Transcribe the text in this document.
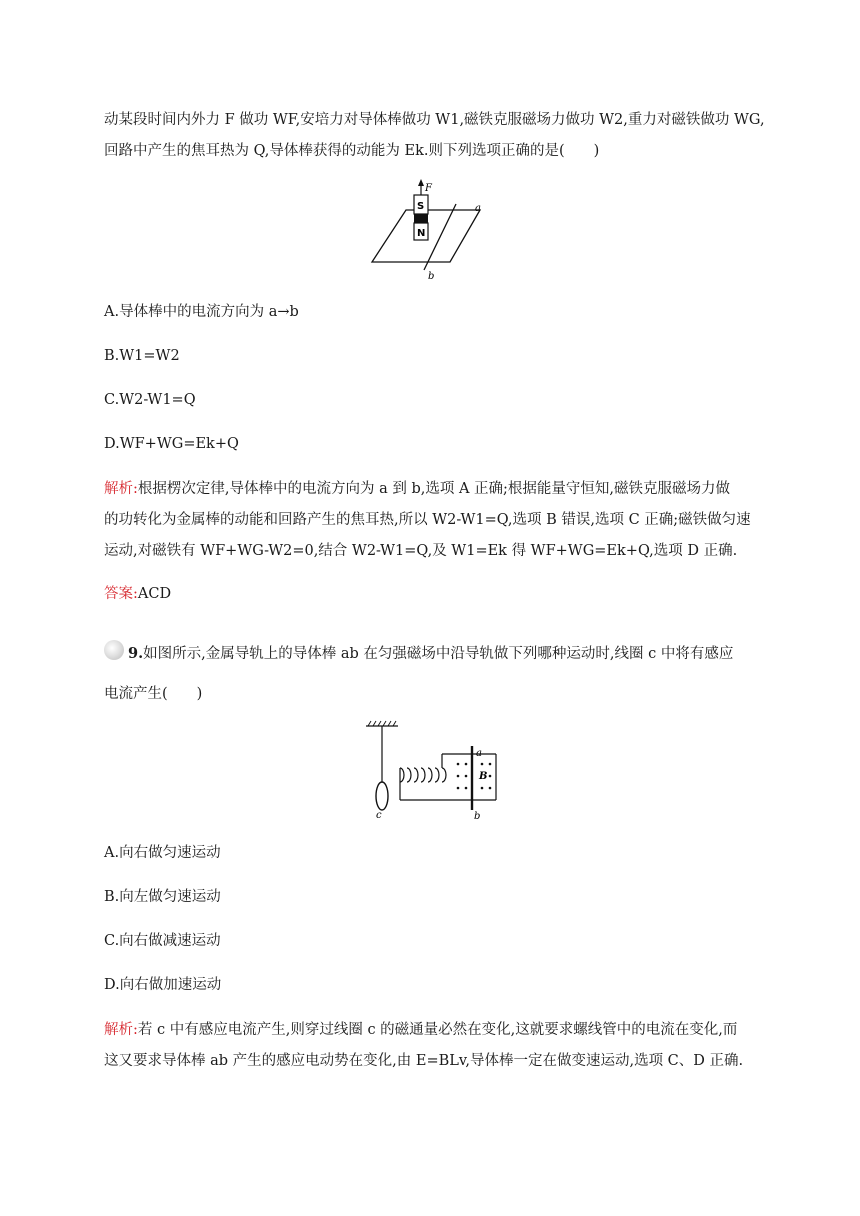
动某段时间内外力 F 做功 WF,安培力对导体棒做功 W1,磁铁克服磁场力做功 W2,重力对磁铁做功 WG,
回路中产生的焦耳热为 Q,导体棒获得的动能为 Ek.则下列选项正确的是(　　)
F
S
N
a
b
A.导体棒中的电流方向为 a→b
B.W1=W2
C.W2-W1=Q
D.WF+WG=Ek+Q
解析:根据楞次定律,导体棒中的电流方向为 a 到 b,选项 A 正确;根据能量守恒知,磁铁克服磁场力做
的功转化为金属棒的动能和回路产生的焦耳热,所以 W2-W1=Q,选项 B 错误,选项 C 正确;磁铁做匀速
运动,对磁铁有 WF+WG-W2=0,结合 W2-W1=Q,及 W1=Ek 得 WF+WG=Ek+Q,选项 D 正确.
答案:ACD
9.如图所示,金属导轨上的导体棒 ab 在匀强磁场中沿导轨做下列哪种运动时,线圈 c 中将有感应
电流产生(　　)
c
a
b
B
A.向右做匀速运动
B.向左做匀速运动
C.向右做减速运动
D.向右做加速运动
解析:若 c 中有感应电流产生,则穿过线圈 c 的磁通量必然在变化,这就要求螺线管中的电流在变化,而
这又要求导体棒 ab 产生的感应电动势在变化,由 E=BLv,导体棒一定在做变速运动,选项 C、D 正确.
